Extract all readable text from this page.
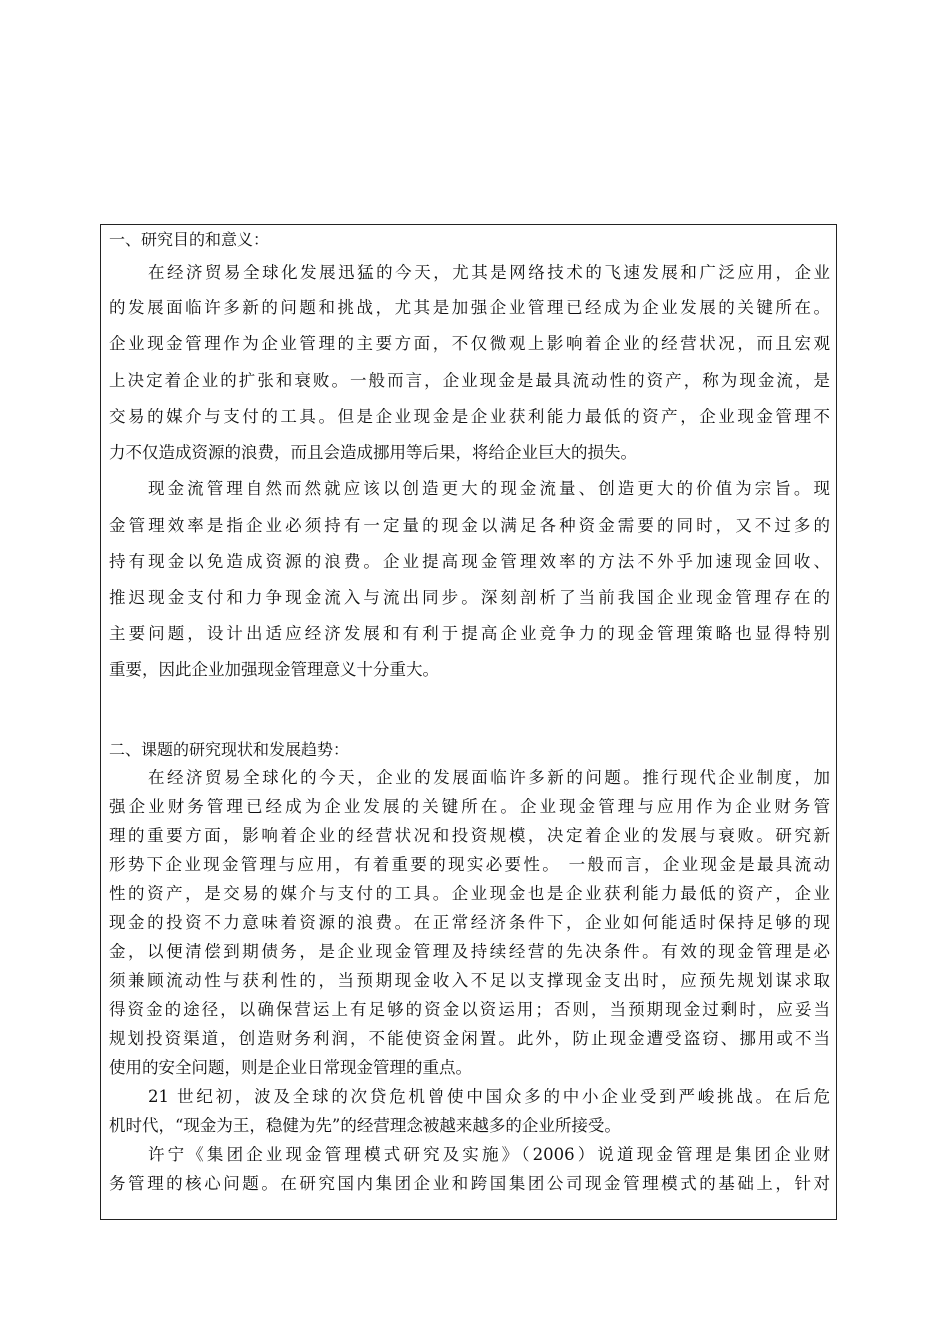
一、研究目的和意义：
在经济贸易全球化发展迅猛的今天，尤其是网络技术的飞速发展和广泛应用，企业
的发展面临许多新的问题和挑战，尤其是加强企业管理已经成为企业发展的关键所在。
企业现金管理作为企业管理的主要方面，不仅微观上影响着企业的经营状况，而且宏观
上决定着企业的扩张和衰败。一般而言，企业现金是最具流动性的资产，称为现金流，是
交易的媒介与支付的工具。但是企业现金是企业获利能力最低的资产，企业现金管理不
力不仅造成资源的浪费，而且会造成挪用等后果，将给企业巨大的损失。
现金流管理自然而然就应该以创造更大的现金流量、创造更大的价值为宗旨。现
金管理效率是指企业必须持有一定量的现金以满足各种资金需要的同时，又不过多的
持有现金以免造成资源的浪费。企业提高现金管理效率的方法不外乎加速现金回收、
推迟现金支付和力争现金流入与流出同步。深刻剖析了当前我国企业现金管理存在的
主要问题，设计出适应经济发展和有利于提高企业竞争力的现金管理策略也显得特别
重要，因此企业加强现金管理意义十分重大。
二、课题的研究现状和发展趋势：
在经济贸易全球化的今天，企业的发展面临许多新的问题。推行现代企业制度，加
强企业财务管理已经成为企业发展的关键所在。企业现金管理与应用作为企业财务管
理的重要方面，影响着企业的经营状况和投资规模，决定着企业的发展与衰败。研究新
形势下企业现金管理与应用，有着重要的现实必要性。 一般而言，企业现金是最具流动
性的资产，是交易的媒介与支付的工具。企业现金也是企业获利能力最低的资产，企业
现金的投资不力意味着资源的浪费。在正常经济条件下，企业如何能适时保持足够的现
金，以便清偿到期债务，是企业现金管理及持续经营的先决条件。有效的现金管理是必
须兼顾流动性与获利性的，当预期现金收入不足以支撑现金支出时，应预先规划谋求取
得资金的途径，以确保营运上有足够的资金以资运用；否则，当预期现金过剩时，应妥当
规划投资渠道，创造财务利润，不能使资金闲置。此外，防止现金遭受盗窃、挪用或不当
使用的安全问题，则是企业日常现金管理的重点。
21 世纪初，波及全球的次贷危机曾使中国众多的中小企业受到严峻挑战。在后危
机时代，“现金为王，稳健为先”的经营理念被越来越多的企业所接受。
许宁《集团企业现金管理模式研究及实施》（2006）说道现金管理是集团企业财
务管理的核心问题。在研究国内集团企业和跨国集团公司现金管理模式的基础上，针对
